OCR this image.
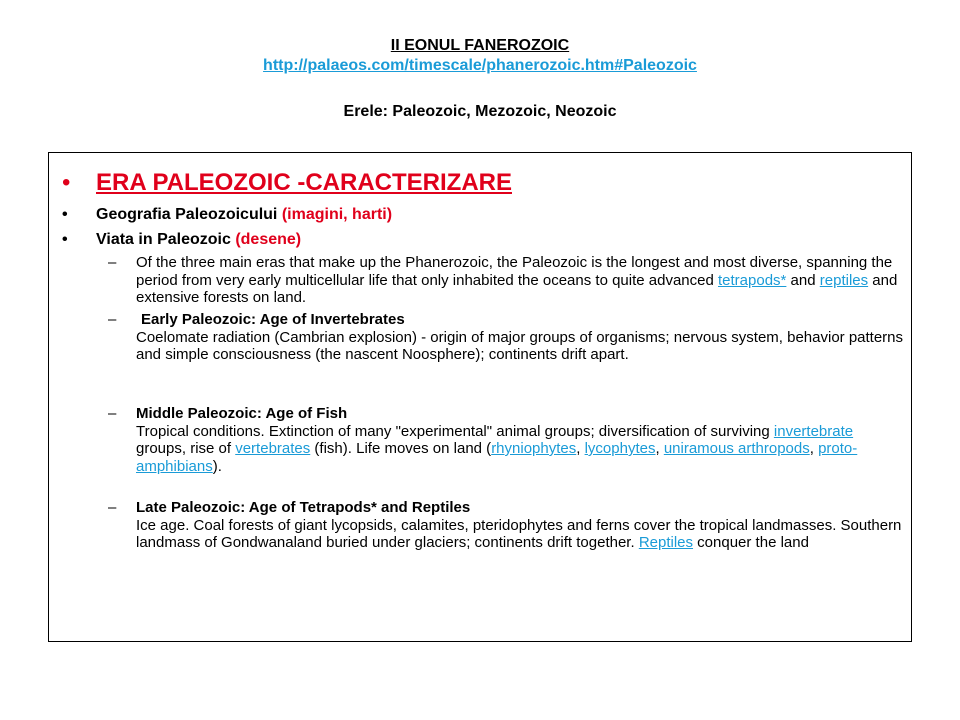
II EONUL FANEROZOIC
http://palaeos.com/timescale/phanerozoic.htm#Paleozoic
Erele: Paleozoic, Mezozoic, Neozoic
•	ERA PALEOZOIC -CARACTERIZARE
•	Geografia Paleozoicului (imagini, harti)
•	Viata in Paleozoic (desene)
– Of the three main eras that make up the Phanerozoic, the Paleozoic is the longest and most diverse, spanning the period from very early multicellular life that only inhabited the oceans to quite advanced tetrapods* and reptiles and extensive forests on land.
–	Early Paleozoic: Age of Invertebrates
Coelomate radiation (Cambrian explosion) - origin of major groups of organisms; nervous system, behavior patterns and simple consciousness (the nascent Noosphere); continents drift apart.
– Middle Paleozoic: Age of Fish
Tropical conditions. Extinction of many "experimental" animal groups; diversification of surviving invertebrate groups, rise of vertebrates (fish). Life moves on land (rhyniophytes, lycophytes, uniramous arthropods, proto-amphibians).
– Late Paleozoic: Age of Tetrapods* and Reptiles
Ice age. Coal forests of giant lycopsids, calamites, pteridophytes and ferns cover the tropical landmasses. Southern landmass of Gondwanaland buried under glaciers; continents drift together. Reptiles conquer the land
